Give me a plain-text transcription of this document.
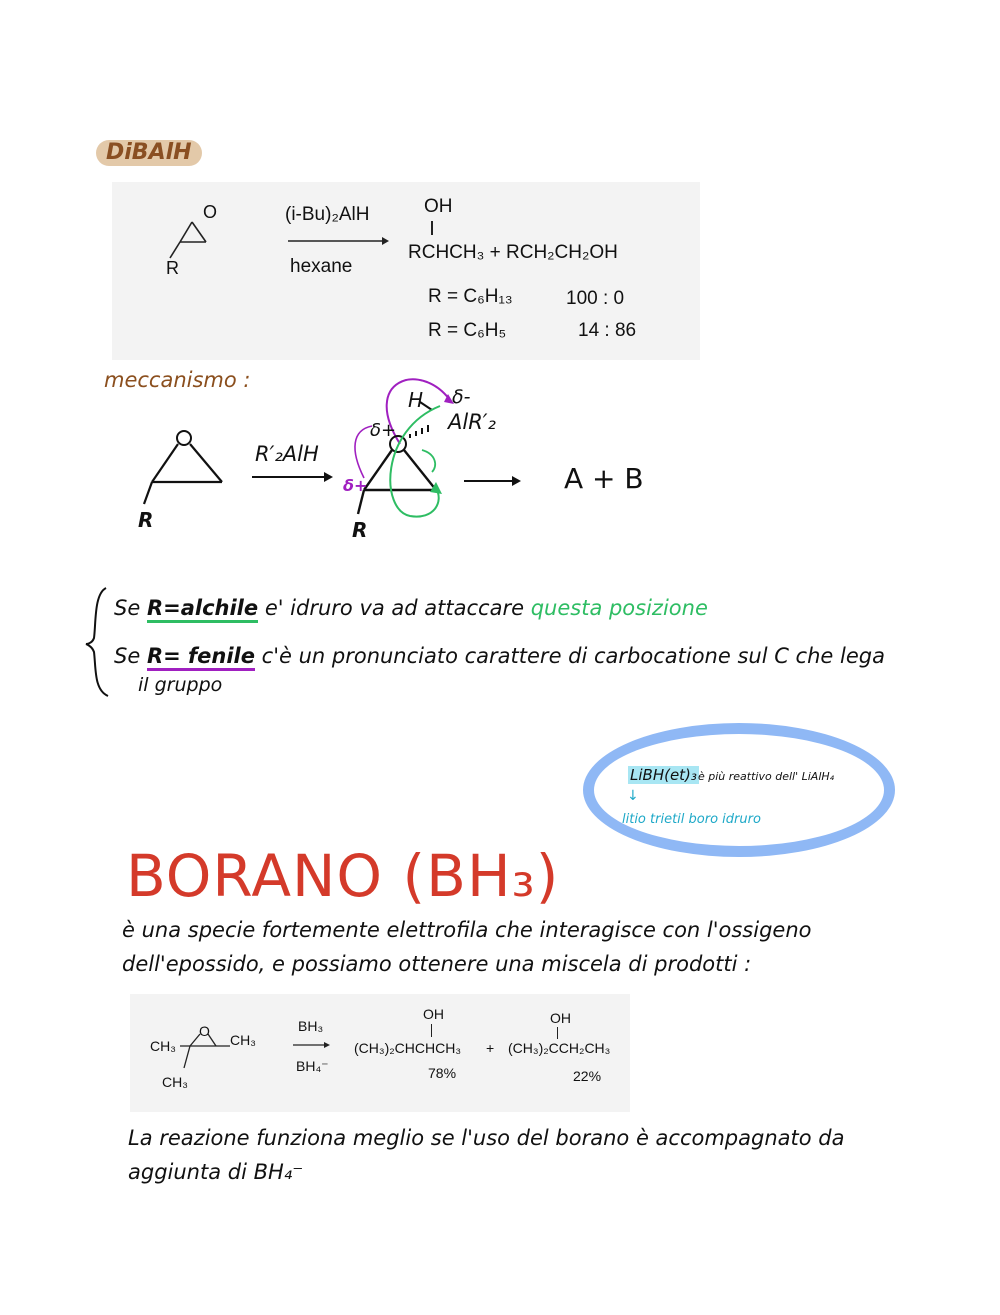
DiBAlH
O
R
(i-Bu)₂AlH
hexane
OH
RCHCH₃ + RCH₂CH₂OH
R = C₆H₁₃	100 : 0
R = C₆H₅	14 : 86
meccanismo :
R
R′₂AlH
H δ-
AlR′₂
δ+
δ+
R
A + B
Se R=alchile e' idruro va ad attaccare questa posizione
Se R= fenile c'è un pronunciato carattere di carbocatione sul C che lega
il gruppo
LiBH(et)₃ è più reattivo dell' LiAlH₄
↓
litio trietil boro idruro
BORANO (BH₃)
è una specie fortemente elettrofila che interagisce con l'ossigeno
dell'epossido, e possiamo ottenere una miscela di prodotti :
O
CH₃	CH₃
CH₃
BH₃
BH₄⁻
OH
(CH₃)₂CHCHCH₃ +
OH
(CH₃)₂CCH₂CH₃
78%	22%
La reazione funziona meglio se l'uso del borano è accompagnato da
aggiunta di BH₄⁻
